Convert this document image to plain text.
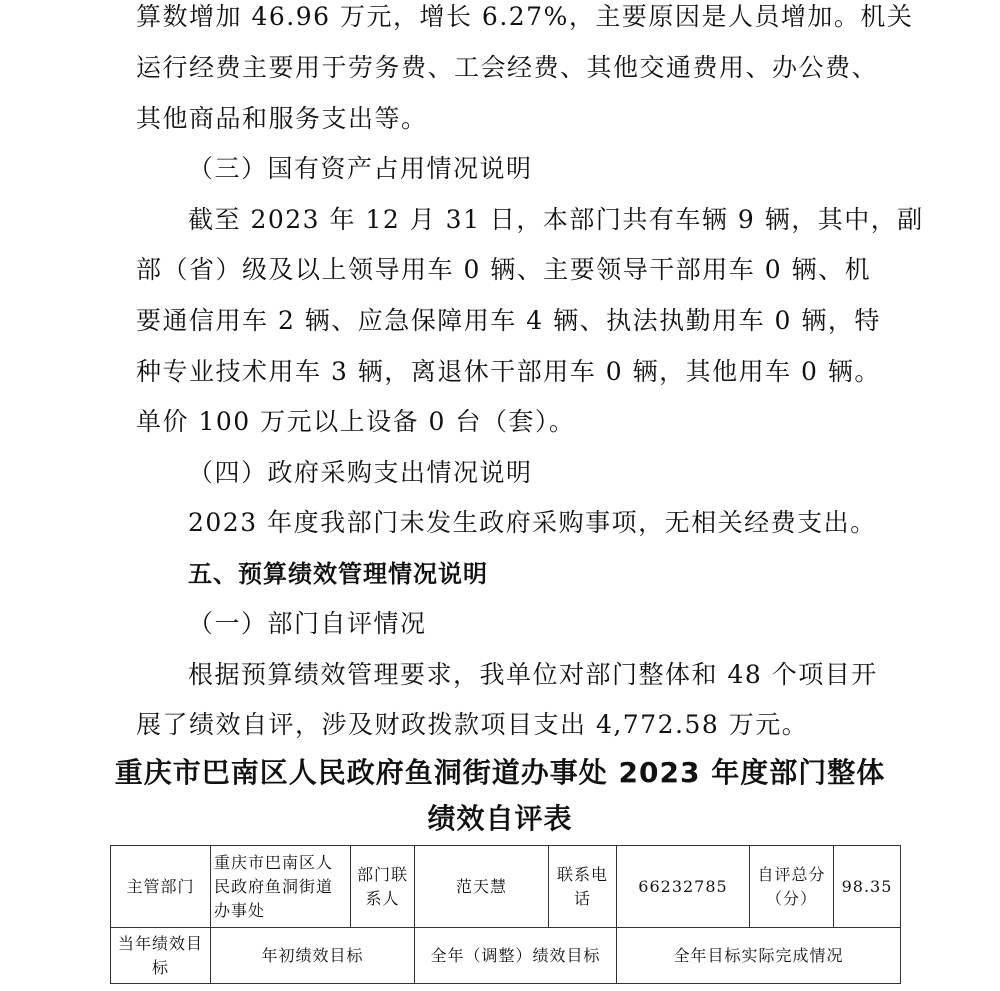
算数增加 46.96 万元，增长 6.27%，主要原因是人员增加。机关
运行经费主要用于劳务费、工会经费、其他交通费用、办公费、
其他商品和服务支出等。
（三）国有资产占用情况说明
截至 2023 年 12 月 31 日，本部门共有车辆 9 辆，其中，副
部（省）级及以上领导用车 0 辆、主要领导干部用车 0 辆、机
要通信用车 2 辆、应急保障用车 4 辆、执法执勤用车 0 辆，特
种专业技术用车 3 辆，离退休干部用车 0 辆，其他用车 0 辆。
单价 100 万元以上设备 0 台（套）。
（四）政府采购支出情况说明
2023 年度我部门未发生政府采购事项，无相关经费支出。
五、预算绩效管理情况说明
（一）部门自评情况
根据预算绩效管理要求，我单位对部门整体和 48 个项目开
展了绩效自评，涉及财政拨款项目支出 4,772.58 万元。
重庆市巴南区人民政府鱼洞街道办事处 2023 年度部门整体
绩效自评表
主管部门	重庆市巴南区人民政府鱼洞街道办事处	部门联系人	范天慧	联系电话	66232785	自评总分（分）	98.35
当年绩效目标	年初绩效目标		全年（调整）绩效目标		全年目标实际完成情况		
